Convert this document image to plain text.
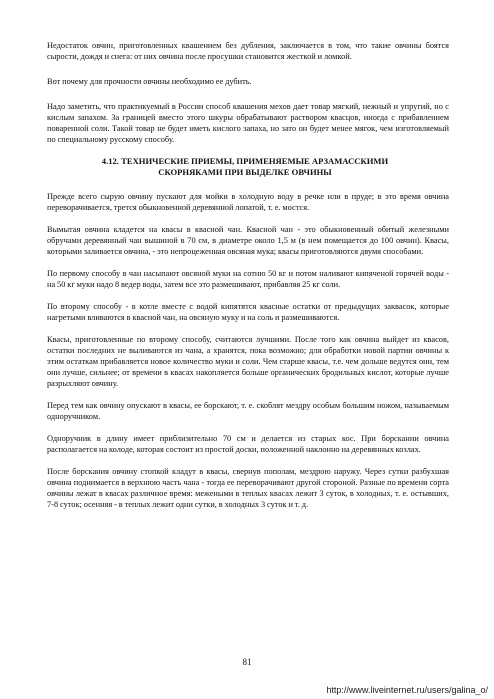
Недостаток овчин, приготовленных квашением без дубления, заключается в том, что такие овчины боятся сырости, дождя и снега: от них овчина после просушки становится жесткой и ломкой.

Вот почему для прочности овчины необходимо ее дубить.

Надо заметить, что практикуемый в России способ квашения мехов дает товар мягкий, нежный и упругий, но с кислым запахом. За границей вместо этого шкуры обрабатывают раствором квасцов, иногда с прибавлением поваренной соли. Такой товар не будет иметь кислого запаха, но зато он будет менее мягок, чем изготовляемый по специальному русскому способу.

4.12. ТЕХНИЧЕСКИЕ ПРИЕМЫ, ПРИМЕНЯЕМЫЕ АРЗАМАССКИМИ СКОРНЯКАМИ ПРИ ВЫДЕЛКЕ ОВЧИНЫ

Прежде всего сырую овчину пускают для мойки в холодную воду в речке или в пруде; в это время овчина переворачивается, трется обыкновенной деревянной лопатой, т. е. мостся.

Вымытая овчина кладется на квасы в квасной чан. Квасной чан - это обыкновенный обитый железными обручами деревянный чан вышиной в 70 см, в диаметре около 1,5 м (в нем помещается до 100 овчин). Квасы, которыми заливается овчина, - это непроцеженная овсяная мука; квасы приготовляются двумя способами.

По первому способу в чан насыпают овсяной муки на сотню 50 кг и потом наливают кипяченой горячей воды - на 50 кг муки надо 8 ведер воды, затем все это размешивают, прибавляя 25 кг соли.

По второму способу - в котле вместе с водой кипятятся квасные остатки от предыдущих закваcок, которые нагретыми вливаются в квасной чан, на овсяную муку и на соль и размешиваются.

Квасы, приготовленные по второму способу, считаются лучшими. После того как овчина выйдет из квасов, остатки последних не выливаются из чана, а хранятся, пока возможно; для обработки новой партии овчины к этим остаткам прибавляется новое количество муки и соли. Чем старше квасы, т.е. чем дольше ведутся они, тем они лучше, сильнее; от времени в квасах накопляется больше органических бродильных кислот, которые лучше разрыхляют овчину.

Перед тем как овчину опускают в квасы, ее борскают, т. е. скоблят мездру особым большим ножом, называемым одноручником.

Одноручник в длину имеет приблизительно 70 см и делается из старых кос. При борскании овчина располагается на колоде, которая состоит из простой доски, положенной наклонно на деревянных козлах.

После борскания овчину стопкой кладут в квасы, свернув пополам, мездрою наружу. Через сутки разбухшая овчина поднимается в верхнюю часть чана - тогда ее переворачивают другой стороной. Разные по времени сорта овчины лежат в квасах различное время: межеными в теплых квасах лежит 3 суток, в холодных, т. е. остывших, 7-8 суток; осенняя - в теплых лежит одни сутки, в холодных 3 суток и т. д.

81
http://www.liveinternet.ru/users/galina_o/
